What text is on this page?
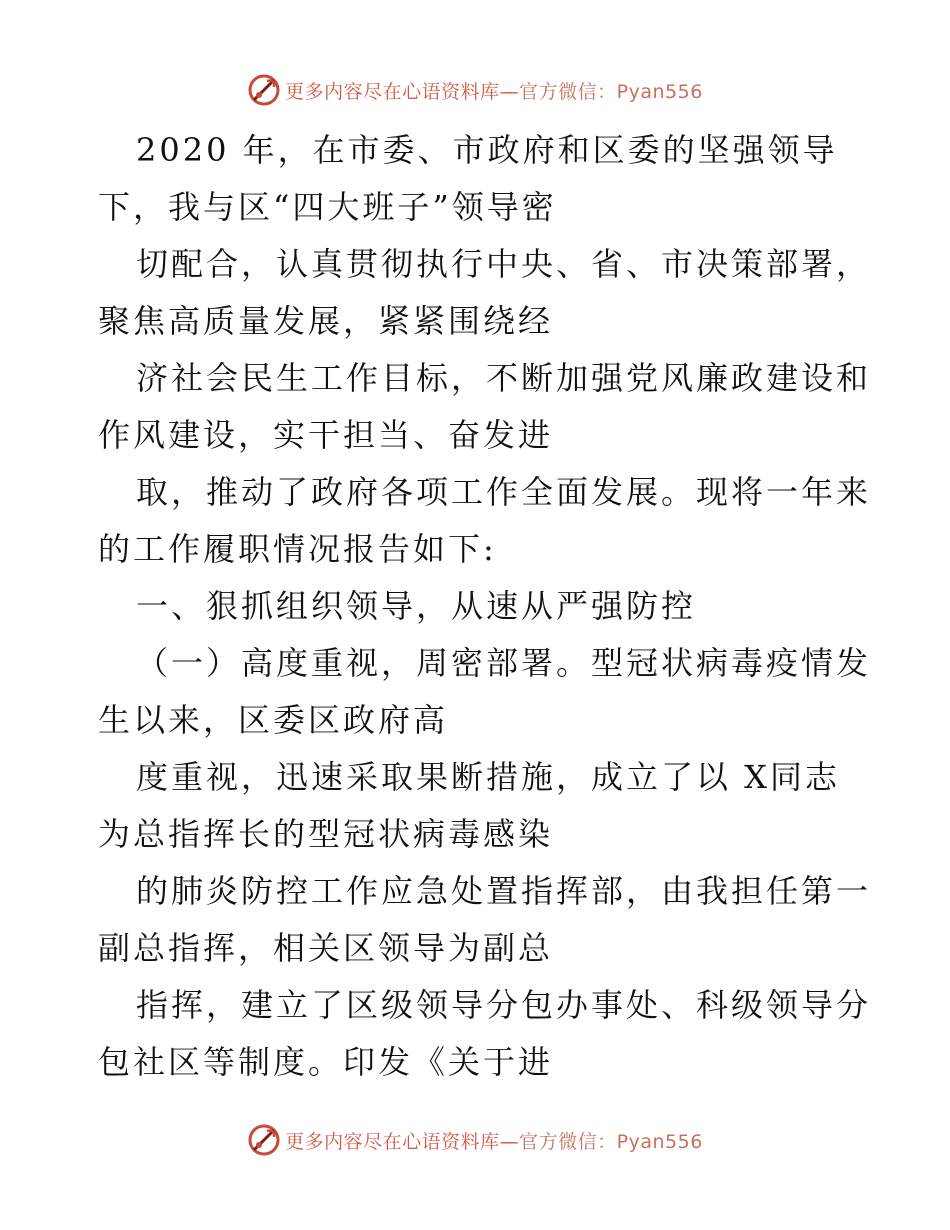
更多内容尽在心语资料库—官方微信：Pyan556
2020 年，在市委、市政府和区委的坚强领导
下，我与区“四大班子”领导密
切配合，认真贯彻执行中央、省、市决策部署，
聚焦高质量发展，紧紧围绕经
济社会民生工作目标，不断加强党风廉政建设和
作风建设，实干担当、奋发进
取，推动了政府各项工作全面发展。现将一年来
的工作履职情况报告如下:
一、狠抓组织领导，从速从严强防控
（一）高度重视，周密部署。型冠状病毒疫情发
生以来，区委区政府高
度重视，迅速采取果断措施，成立了以 X同志
为总指挥长的型冠状病毒感染
的肺炎防控工作应急处置指挥部，由我担任第一
副总指挥，相关区领导为副总
指挥，建立了区级领导分包办事处、科级领导分
包社区等制度。印发《关于进
更多内容尽在心语资料库—官方微信：Pyan556
